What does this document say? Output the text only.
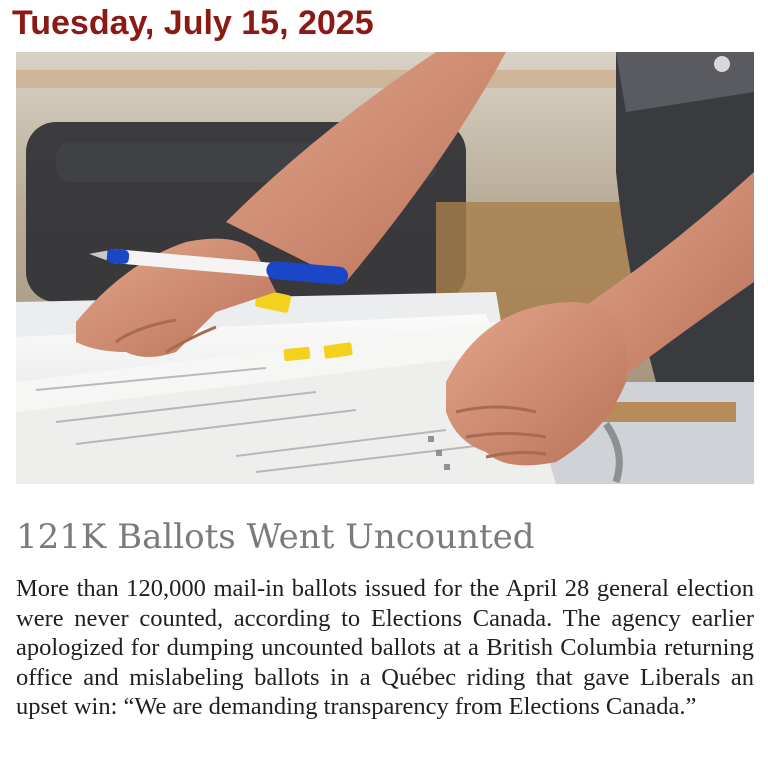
Tuesday, July 15, 2025
121K Ballots Went Uncounted

More than 120,000 mail-in ballots issued for the April 28 general election were never counted, according to Elections Canada. The agency earlier apologized for dumping uncounted ballots at a British Columbia returning office and mislabeling ballots in a Québec riding that gave Liberals an upset win: “We are demanding transparency from Elections Canada.”
